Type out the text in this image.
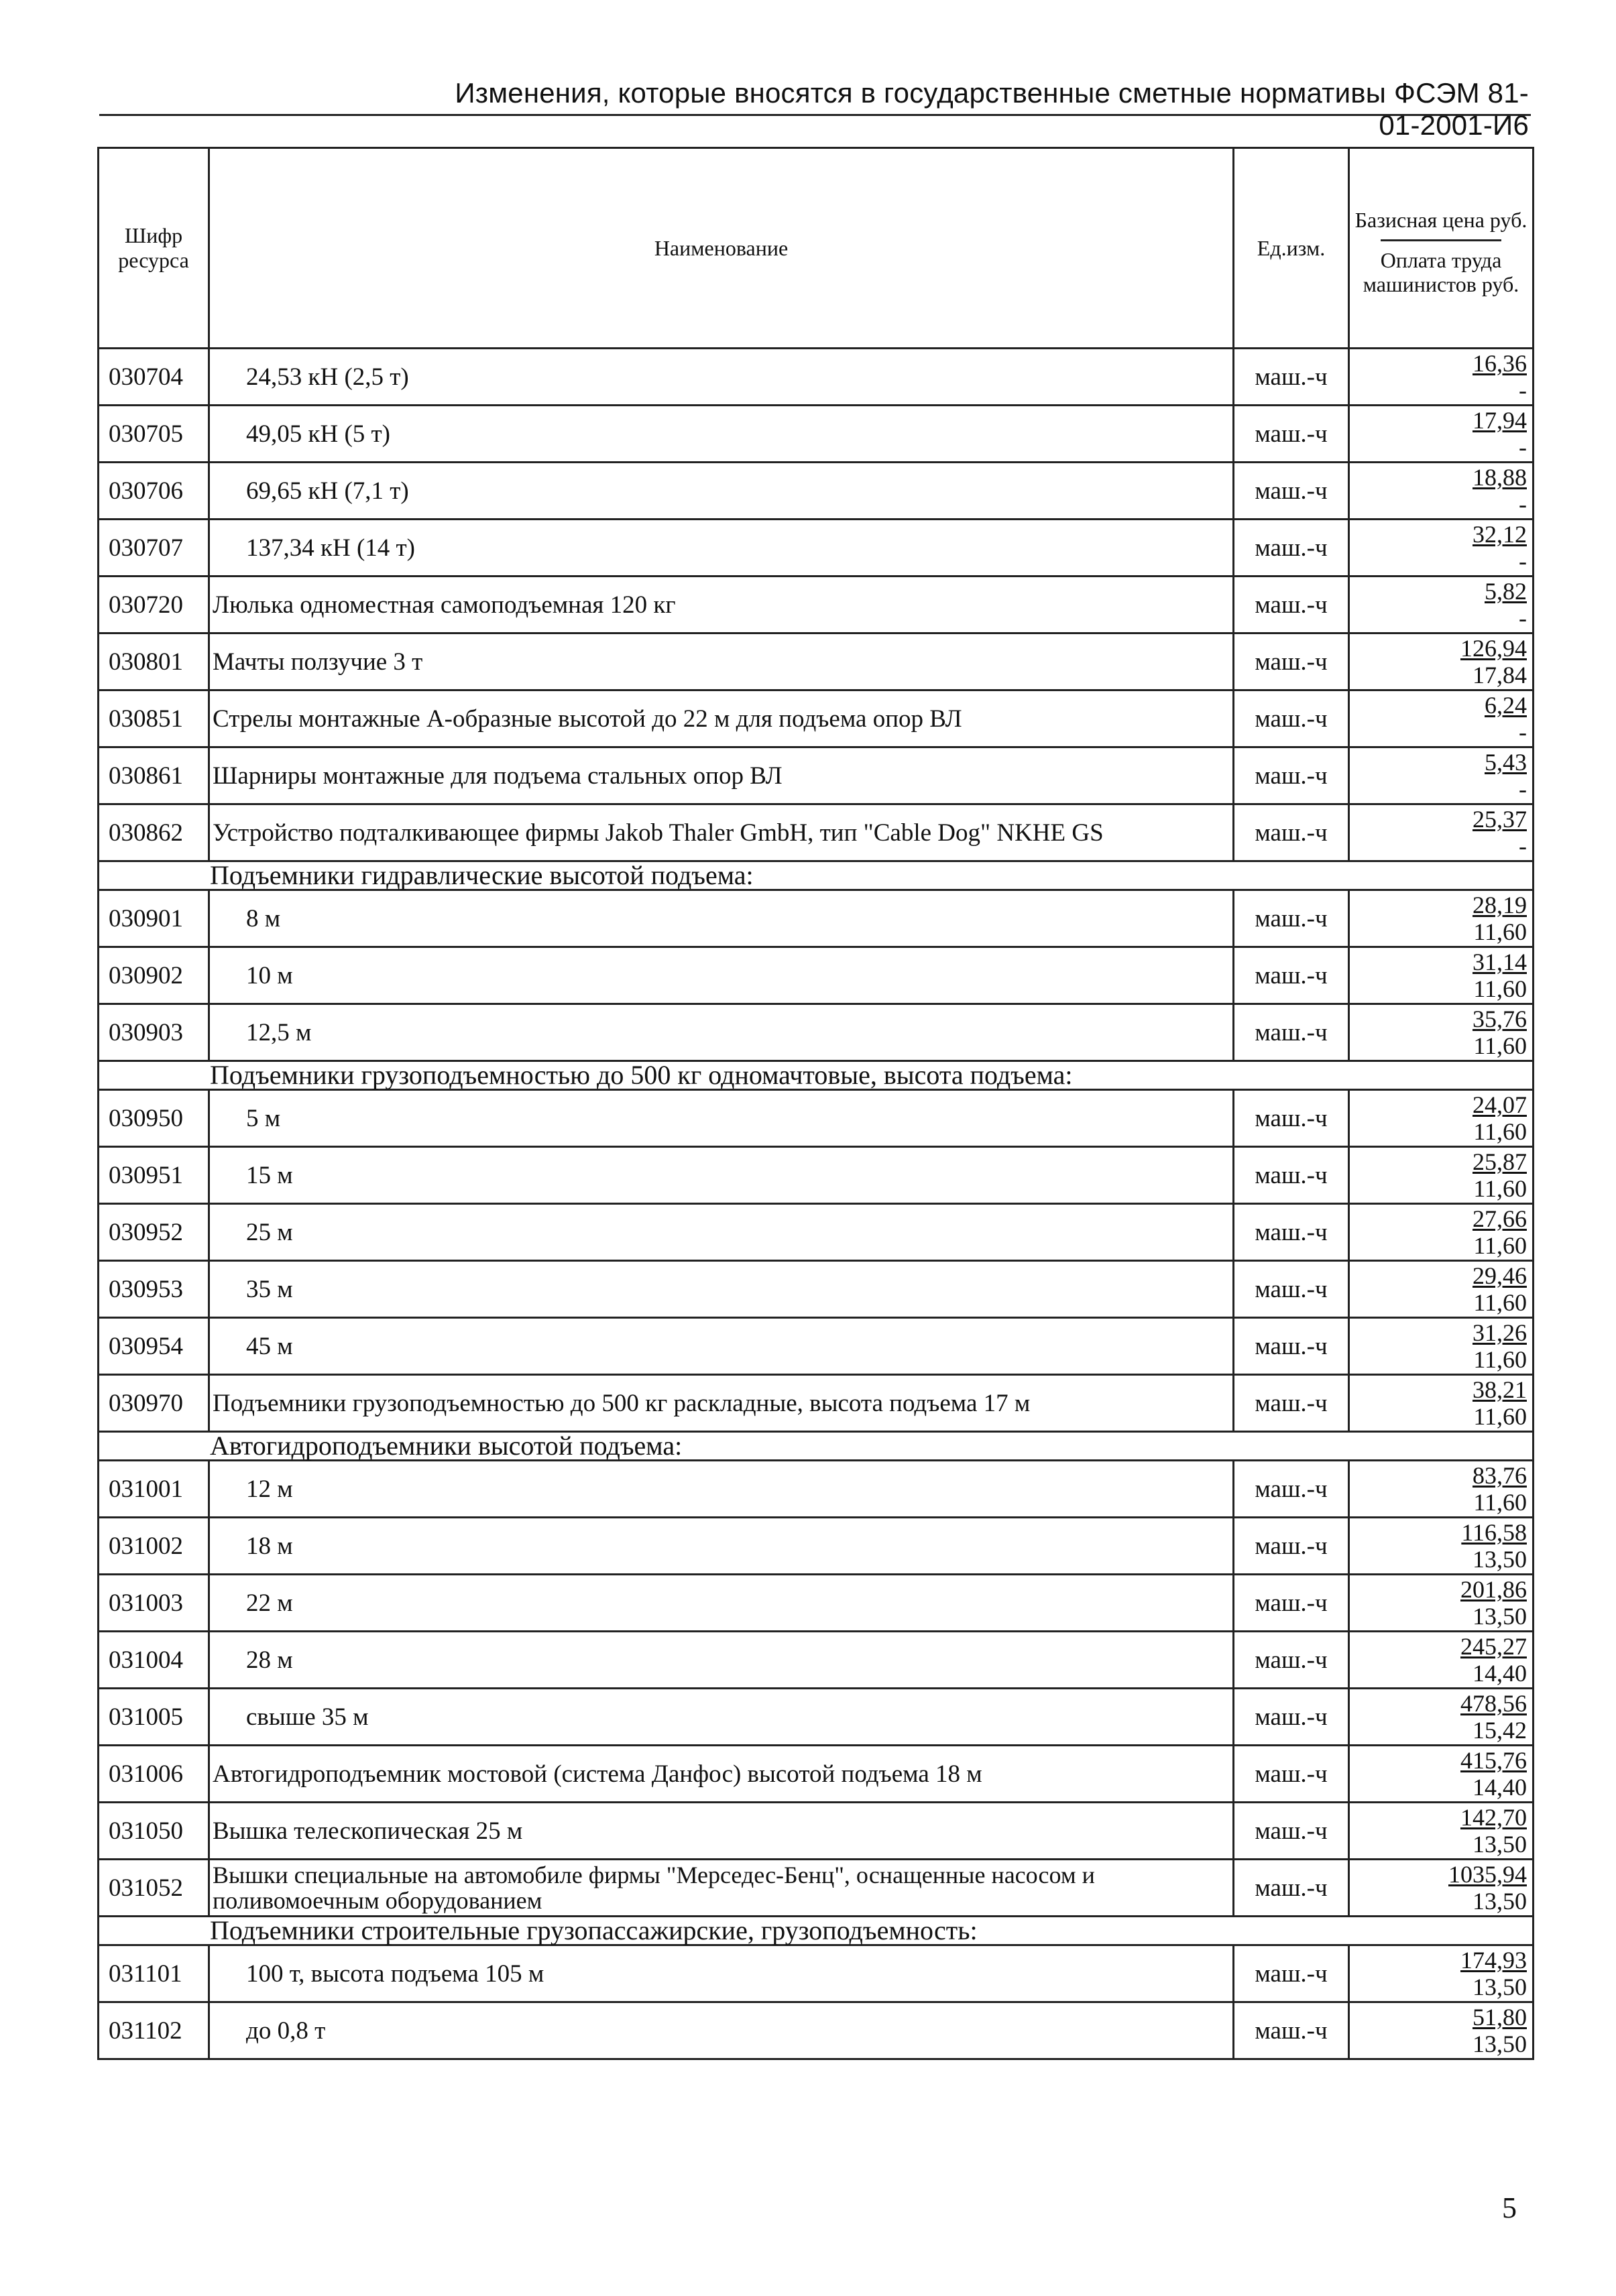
Изменения, которые вносятся в государственные сметные нормативы ФСЭМ 81-01-2001-И6
Шифр ресурса	Наименование	Ед.изм.	Базисная цена руб.
Оплата труда машинистов руб.

030704	24,53 кН (2,5 т)	маш.-ч	16,36
-

030705	49,05 кН (5 т)	маш.-ч	17,94
-

030706	69,65 кН (7,1 т)	маш.-ч	18,88
-

030707	137,34 кН (14 т)	маш.-ч	32,12
-

030720	Люлька одноместная самоподъемная 120 кг	маш.-ч	5,82
-

030801	Мачты ползучие 3 т	маш.-ч	126,94
17,84

030851	Стрелы монтажные А-образные высотой до 22 м для подъема опор ВЛ	маш.-ч	6,24
-

030861	Шарниры монтажные для подъема стальных опор ВЛ	маш.-ч	5,43
-

030862	Устройство подталкивающее фирмы Jakob Thaler GmbH, тип "Cable Dog" NKHE GS	маш.-ч	25,37
-

Подъемники гидравлические высотой подъема:			
030901	8 м	маш.-ч	28,19
11,60

030902	10 м	маш.-ч	31,14
11,60

030903	12,5 м	маш.-ч	35,76
11,60

Подъемники грузоподъемностью до 500 кг одномачтовые, высота подъема:			
030950	5 м	маш.-ч	24,07
11,60

030951	15 м	маш.-ч	25,87
11,60

030952	25 м	маш.-ч	27,66
11,60

030953	35 м	маш.-ч	29,46
11,60

030954	45 м	маш.-ч	31,26
11,60

030970	Подъемники грузоподъемностью до 500 кг раскладные, высота подъема 17 м	маш.-ч	38,21
11,60

Автогидроподъемники высотой подъема:			
031001	12 м	маш.-ч	83,76
11,60

031002	18 м	маш.-ч	116,58
13,50

031003	22 м	маш.-ч	201,86
13,50

031004	28 м	маш.-ч	245,27
14,40

031005	свыше 35 м	маш.-ч	478,56
15,42

031006	Автогидроподъемник мостовой (система Данфос) высотой подъема 18 м	маш.-ч	415,76
14,40

031050	Вышка телескопическая 25 м	маш.-ч	142,70
13,50

031052	Вышки специальные на автомобиле фирмы "Мерседес-Бенц", оснащенные насосом и поливомоечным оборудованием	маш.-ч	1035,94
13,50

Подъемники строительные грузопассажирские, грузоподъемность:			
031101	100 т, высота подъема 105 м	маш.-ч	174,93
13,50

031102	до 0,8 т	маш.-ч	51,80
13,50
5
